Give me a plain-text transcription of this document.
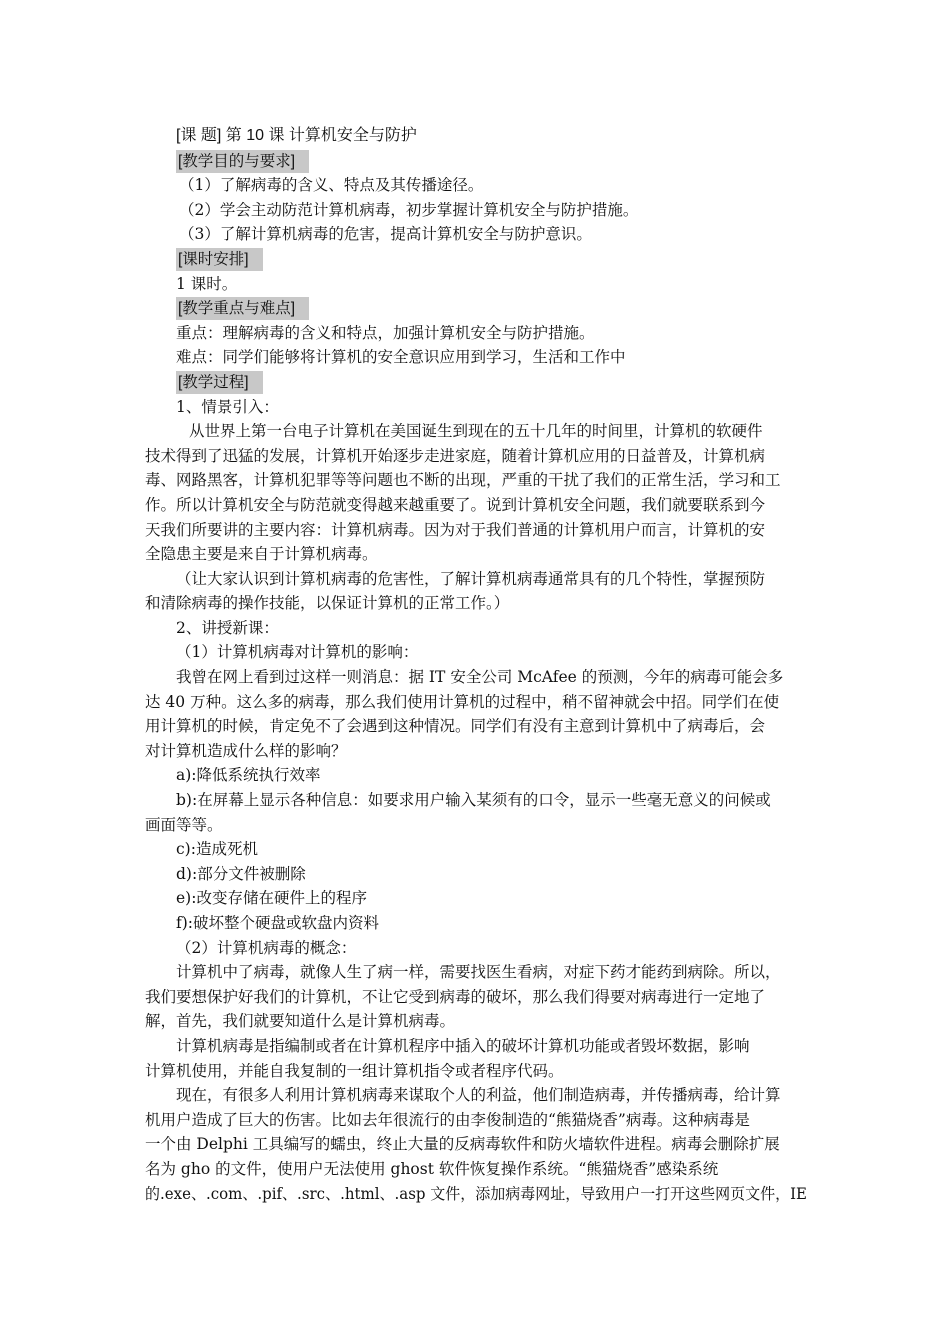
[课 题] 第 10 课 计算机安全与防护
[教学目的与要求]
（1）了解病毒的含义、特点及其传播途径。
（2）学会主动防范计算机病毒，初步掌握计算机安全与防护措施。
（3）了解计算机病毒的危害，提高计算机安全与防护意识。
[课时安排]
1 课时。
[教学重点与难点]
重点：理解病毒的含义和特点，加强计算机安全与防护措施。
难点：同学们能够将计算机的安全意识应用到学习，生活和工作中
[教学过程]
1、情景引入：
从世界上第一台电子计算机在美国诞生到现在的五十几年的时间里，计算机的软硬件
技术得到了迅猛的发展，计算机开始逐步走进家庭，随着计算机应用的日益普及，计算机病
毒、网路黑客，计算机犯罪等等问题也不断的出现，严重的干扰了我们的正常生活，学习和工
作。所以计算机安全与防范就变得越来越重要了。说到计算机安全问题，我们就要联系到今
天我们所要讲的主要内容：计算机病毒。因为对于我们普通的计算机用户而言，计算机的安
全隐患主要是来自于计算机病毒。
（让大家认识到计算机病毒的危害性，了解计算机病毒通常具有的几个特性，掌握预防
和清除病毒的操作技能，以保证计算机的正常工作。）
2、讲授新课：
（1）计算机病毒对计算机的影响：
我曾在网上看到过这样一则消息：据 IT 安全公司 McAfee 的预测，今年的病毒可能会多
达 40 万种。这么多的病毒，那么我们使用计算机的过程中，稍不留神就会中招。同学们在使
用计算机的时候，肯定免不了会遇到这种情况。同学们有没有主意到计算机中了病毒后，会
对计算机造成什么样的影响？
a):降低系统执行效率
b):在屏幕上显示各种信息：如要求用户输入某须有的口令，显示一些毫无意义的问候或
画面等等。
c):造成死机
d):部分文件被删除
e):改变存储在硬件上的程序
f):破坏整个硬盘或软盘内资料
（2）计算机病毒的概念：
计算机中了病毒，就像人生了病一样，需要找医生看病，对症下药才能药到病除。所以，
我们要想保护好我们的计算机，不让它受到病毒的破坏，那么我们得要对病毒进行一定地了
解，首先，我们就要知道什么是计算机病毒。
计算机病毒是指编制或者在计算机程序中插入的破坏计算机功能或者毁坏数据，影响
计算机使用，并能自我复制的一组计算机指令或者程序代码。
现在，有很多人利用计算机病毒来谋取个人的利益，他们制造病毒，并传播病毒，给计算
机用户造成了巨大的伤害。比如去年很流行的由李俊制造的“熊猫烧香”病毒。这种病毒是
一个由 Delphi 工具编写的蠕虫，终止大量的反病毒软件和防火墙软件进程。病毒会删除扩展
名为 gho 的文件，使用户无法使用 ghost 软件恢复操作系统。“熊猫烧香”感染系统
的.exe、.com、.pif、.src、.html、.asp 文件，添加病毒网址，导致用户一打开这些网页文件，IE
